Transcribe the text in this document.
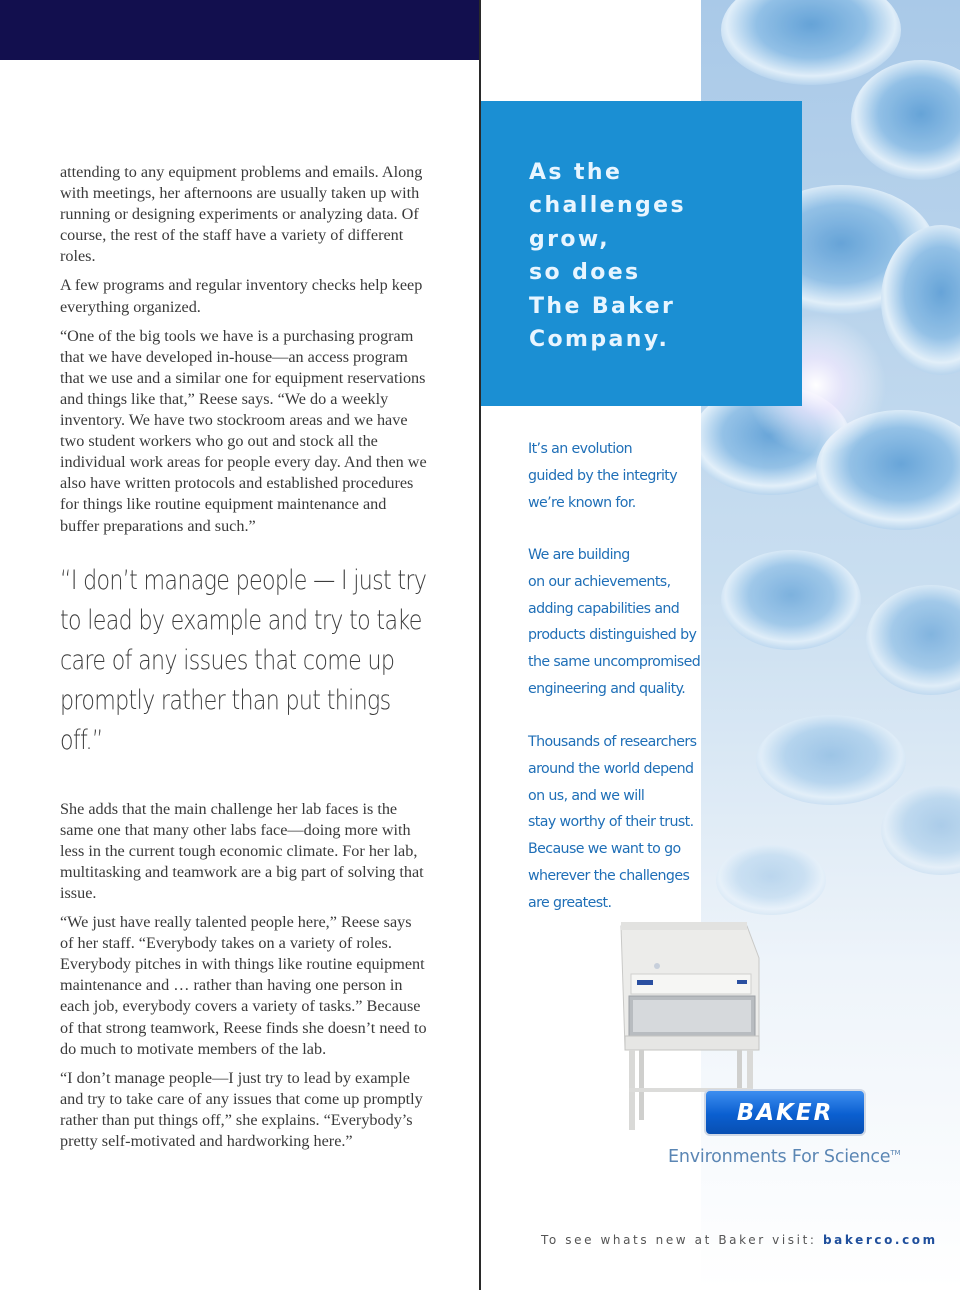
attending to any equipment problems and emails. Along with meetings, her afternoons are usually taken up with running or designing experiments or analyzing data. Of course, the rest of the staff have a variety of different roles.

A few programs and regular inventory checks help keep everything organized.

“One of the big tools we have is a purchasing program that we have developed in-house—an access program that we use and a similar one for equipment reservations and things like that,” Reese says. “We do a weekly inventory. We have two stockroom areas and we have two student workers who go out and stock all the individual work areas for people every day. And then we also have written protocols and established procedures for things like routine equipment maintenance and buffer preparations and such.”

“I don’t manage people — I just try to lead by example and try to take care of any issues that come up promptly rather than put things off.”

She adds that the main challenge her lab faces is the same one that many other labs face—doing more with less in the current tough economic climate. For her lab, multitasking and teamwork are a big part of solving that issue.

“We just have really talented people here,” Reese says of her staff. “Everybody takes on a variety of roles. Everybody pitches in with things like routine equipment maintenance and … rather than having one person in each job, everybody covers a variety of tasks.” Because of that strong teamwork, Reese finds she doesn’t need to do much to motivate members of the lab.

“I don’t manage people—I just try to lead by example and try to take care of any issues that come up promptly rather than put things off,” she explains. “Everybody’s pretty self-motivated and hardworking here.”

As the
challenges
grow,
so does
The Baker
Company.
It’s an evolution
guided by the integrity
we’re known for.
We are building
on our achievements,
adding capabilities and
products distinguished by
the same uncompromised
engineering and quality.
Thousands of researchers
around the world depend
on us, and we will
stay worthy of their trust.
Because we want to go
wherever the challenges
are greatest.
BAKER
Environments For Science™
To see whats new at Baker visit: bakerco.com
